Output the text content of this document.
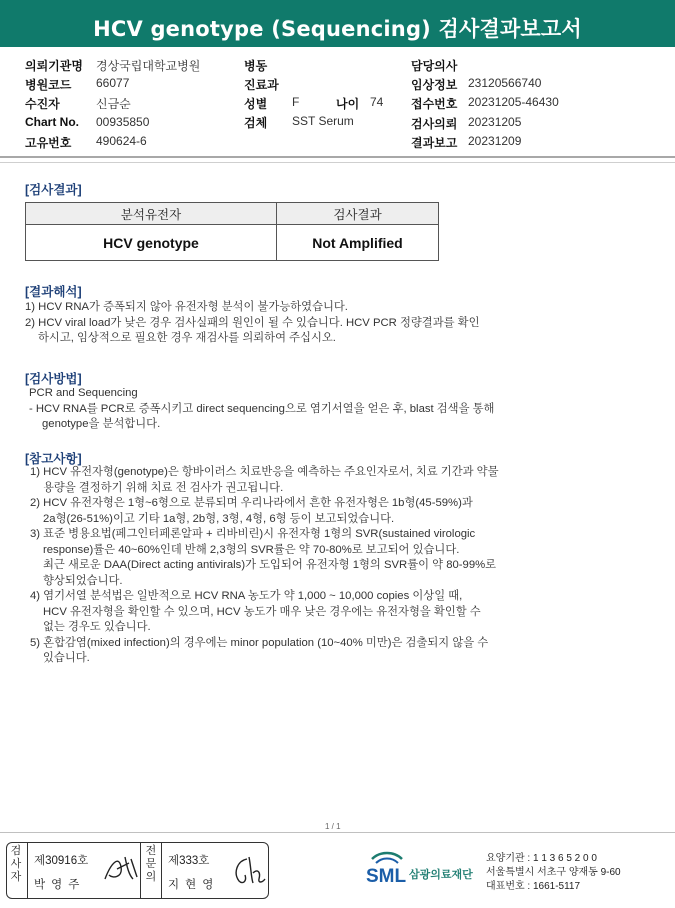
HCV genotype (Sequencing) 검사결과보고서
의뢰기관명 경상국립대학교병원
병원코드 66077
수진자	신금순
Chart No. 00935850
고유번호 490624-6
병동
진료과
성별 F	나이 74
검체 SST Serum
담당의사
임상정보 23120566740
접수번호 20231205-46430
검사의뢰 20231205
결과보고 20231209
[검사결과]
분석유전자	검사결과
HCV genotype	Not Amplified
[결과해석]
1) HCV RNA가 증폭되지 않아 유전자형 분석이 불가능하였습니다.
2) HCV viral load가 낮은 경우 검사실패의 원인이 될 수 있습니다. HCV PCR 정량결과를 확인
하시고, 임상적으로 필요한 경우 재검사를 의뢰하여 주십시오.
[검사방법]
PCR and Sequencing
- HCV RNA를 PCR로 증폭시키고 direct sequencing으로 염기서열을 얻은 후, blast 검색을 통해
genotype을 분석합니다.
[참고사항]
1) HCV 유전자형(genotype)은 항바이러스 치료반응을 예측하는 주요인자로서, 치료 기간과 약물
용량을 결정하기 위해 치료 전 검사가 권고됩니다.
2) HCV 유전자형은 1형~6형으로 분류되며 우리나라에서 흔한 유전자형은 1b형(45-59%)과
2a형(26-51%)이고 기타 1a형, 2b형, 3형, 4형, 6형 등이 보고되었습니다.
3) 표준 병용요법(페그인터페론알파 + 리바비린)시 유전자형 1형의 SVR(sustained virologic
response)률은 40~60%인데 반해 2,3형의 SVR률은 약 70-80%로 보고되어 있습니다.
최근 새로운 DAA(Direct acting antivirals)가 도입되어 유전자형 1형의 SVR률이 약 80-99%로
향상되었습니다.
4) 염기서열 분석법은 일반적으로 HCV RNA 농도가 약 1,000 ~ 10,000 copies 이상일 때,
HCV 유전자형을 확인할 수 있으며, HCV 농도가 매우 낮은 경우에는 유전자형을 확인할 수
없는 경우도 있습니다.
5) 혼합감염(mixed infection)의 경우에는 minor population (10~40% 미만)은 검출되지 않을 수
있습니다.
1 / 1
검사자
제30916호
박영주
전문의
제333호
지현영	SML 삼광의료재단
요양기관 : 1 1 3 6 5 2 0 0
서울특별시 서초구 양재동 9-60
대표번호 : 1661-5117
